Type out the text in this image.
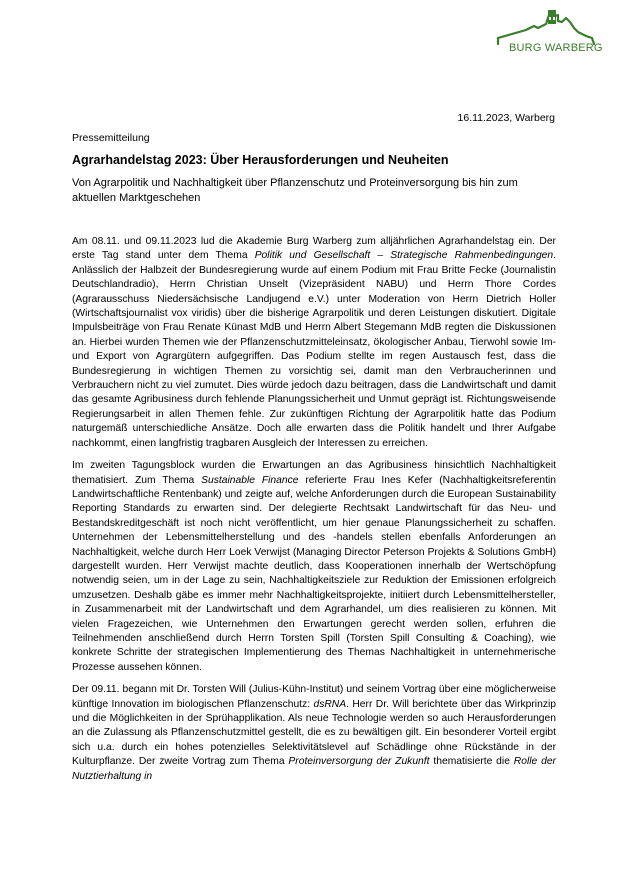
BURG WARBERG
16.11.2023, Warberg
Pressemitteilung
Agrarhandelstag 2023: Über Herausforderungen und Neuheiten
Von Agrarpolitik und Nachhaltigkeit über Pflanzenschutz und Proteinversorgung bis hin zum aktuellen Marktgeschehen

Am 08.11. und 09.11.2023 lud die Akademie Burg Warberg zum alljährlichen Agrarhandelstag ein. Der erste Tag stand unter dem Thema Politik und Gesellschaft – Strategische Rahmenbedingungen. Anlässlich der Halbzeit der Bundesregierung wurde auf einem Podium mit Frau Britte Fecke (Journalistin Deutschlandradio), Herrn Christian Unselt (Vizepräsident NABU) und Herrn Thore Cordes (Agrarausschuss Niedersächsische Landjugend e.V.) unter Moderation von Herrn Dietrich Holler (Wirtschaftsjournalist vox viridis) über die bisherige Agrarpolitik und deren Leistungen diskutiert. Digitale Impulsbeiträge von Frau Renate Künast MdB und Herrn Albert Stegemann MdB regten die Diskussionen an. Hierbei wurden Themen wie der Pflanzenschutzmitteleinsatz, ökologischer Anbau, Tierwohl sowie Im- und Export von Agrargütern aufgegriffen. Das Podium stellte im regen Austausch fest, dass die Bundesregierung in wichtigen Themen zu vorsichtig sei, damit man den Verbraucherinnen und Verbrauchern nicht zu viel zumutet. Dies würde jedoch dazu beitragen, dass die Landwirtschaft und damit das gesamte Agribusiness durch fehlende Planungssicherheit und Unmut geprägt ist. Richtungsweisende Regierungsarbeit in allen Themen fehle. Zur zukünftigen Richtung der Agrarpolitik hatte das Podium naturgemäß unterschiedliche Ansätze. Doch alle erwarten dass die Politik handelt und Ihrer Aufgabe nachkommt, einen langfristig tragbaren Ausgleich der Interessen zu erreichen.

Im zweiten Tagungsblock wurden die Erwartungen an das Agribusiness hinsichtlich Nachhaltigkeit thematisiert. Zum Thema Sustainable Finance referierte Frau Ines Kefer (Nachhaltigkeitsreferentin Landwirtschaftliche Rentenbank) und zeigte auf, welche Anforderungen durch die European Sustainability Reporting Standards zu erwarten sind. Der delegierte Rechtsakt Landwirtschaft für das Neu- und Bestandskreditgeschäft ist noch nicht veröffentlicht, um hier genaue Planungssicherheit zu schaffen. Unternehmen der Lebensmittelherstellung und des -handels stellen ebenfalls Anforderungen an Nachhaltigkeit, welche durch Herr Loek Verwijst (Managing Director Peterson Projekts & Solutions GmbH) dargestellt wurden. Herr Verwijst machte deutlich, dass Kooperationen innerhalb der Wertschöpfung notwendig seien, um in der Lage zu sein, Nachhaltigkeitsziele zur Reduktion der Emissionen erfolgreich umzusetzen. Deshalb gäbe es immer mehr Nachhaltigkeitsprojekte, initiiert durch Lebensmittelhersteller, in Zusammenarbeit mit der Landwirtschaft und dem Agrarhandel, um dies realisieren zu können. Mit vielen Fragezeichen, wie Unternehmen den Erwartungen gerecht werden sollen, erfuhren die Teilnehmenden anschließend durch Herrn Torsten Spill (Torsten Spill Consulting & Coaching), wie konkrete Schritte der strategischen Implementierung des Themas Nachhaltigkeit in unternehmerische Prozesse aussehen können.

Der 09.11. begann mit Dr. Torsten Will (Julius-Kühn-Institut) und seinem Vortrag über eine möglicherweise künftige Innovation im biologischen Pflanzenschutz: dsRNA. Herr Dr. Will berichtete über das Wirkprinzip und die Möglichkeiten in der Sprühapplikation. Als neue Technologie werden so auch Herausforderungen an die Zulassung als Pflanzenschutzmittel gestellt, die es zu bewältigen gilt. Ein besonderer Vorteil ergibt sich u.a. durch ein hohes potenzielles Selektivitätslevel auf Schädlinge ohne Rückstände in der Kulturpflanze. Der zweite Vortrag zum Thema Proteinversorgung der Zukunft thematisierte die Rolle der Nutztierhaltung in
